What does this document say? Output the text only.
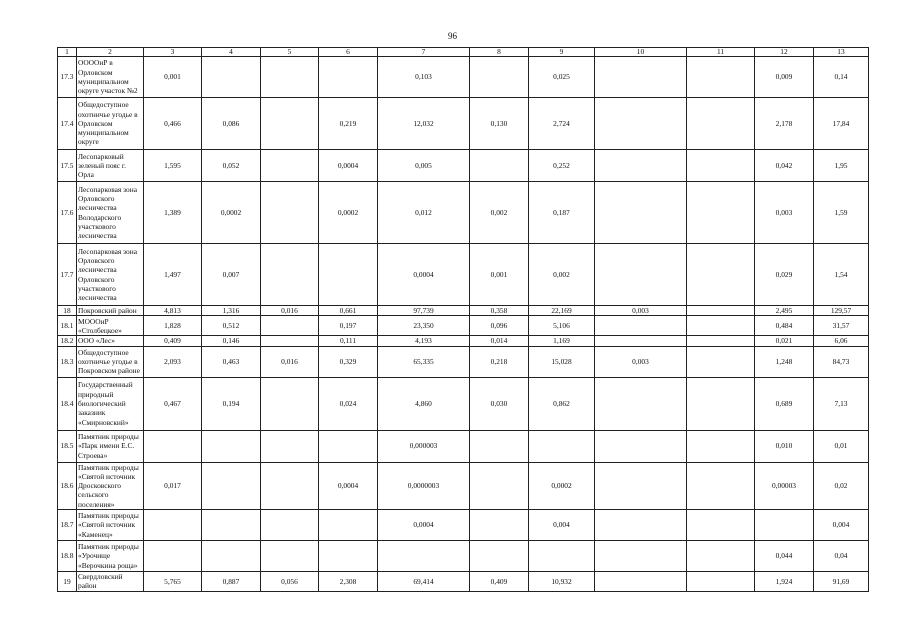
96
1	2	3	4	5	6	7	8	9	10	11	12	13
17.3	ООООиР в Орловском муниципальном округе участок №2	0,001				0,103		0,025			0,009	0,14
17.4	Общедоступное охотничье угодье в Орловском муниципальном округе	0,466	0,086		0,219	12,032	0,130	2,724			2,178	17,84
17.5	Лесопарковый зеленый пояс г. Орла	1,595	0,052		0,0004	0,005		0,252			0,042	1,95
17.6	Лесопарковая зона Орловского лесничества Володарского участкового лесничества	1,389	0,0002		0,0002	0,012	0,002	0,187			0,003	1,59
17.7	Лесопарковая зона Орловского лесничества Орловского участкового лесничества	1,497	0,007			0,0004	0,001	0,002			0,029	1,54
18	Покровский район	4,813	1,316	0,016	0,661	97,739	0,358	22,169	0,003		2,495	129,57
18.1	МОООиР «Столбецкое»	1,828	0,512		0,197	23,350	0,096	5,106			0,484	31,57
18.2	ООО «Лес»	0,409	0,146		0,111	4,193	0,014	1,169			0,021	6,06
18.3	Общедоступное охотничье угодье в Покровском районе	2,093	0,463	0,016	0,329	65,335	0,218	15,028	0,003		1,248	84,73
18.4	Государственный природный биологический заказник «Смирновский»	0,467	0,194		0,024	4,860	0,030	0,862			0,689	7,13
18.5	Памятник природы «Парк имени Е.С. Строева»					0,000003					0,010	0,01
18.6	Памятник природы «Святой источник Дросковского сельского поселения»	0,017			0,0004	0,0000003		0,0002			0,00003	0,02
18.7	Памятник природы «Святой источник «Каменец»					0,0004		0,004				0,004
18.8	Памятник природы «Урочище «Верочкина роща»										0,044	0,04
19	Свердловский район	5,765	0,887	0,056	2,308	69,414	0,409	10,932			1,924	91,69
